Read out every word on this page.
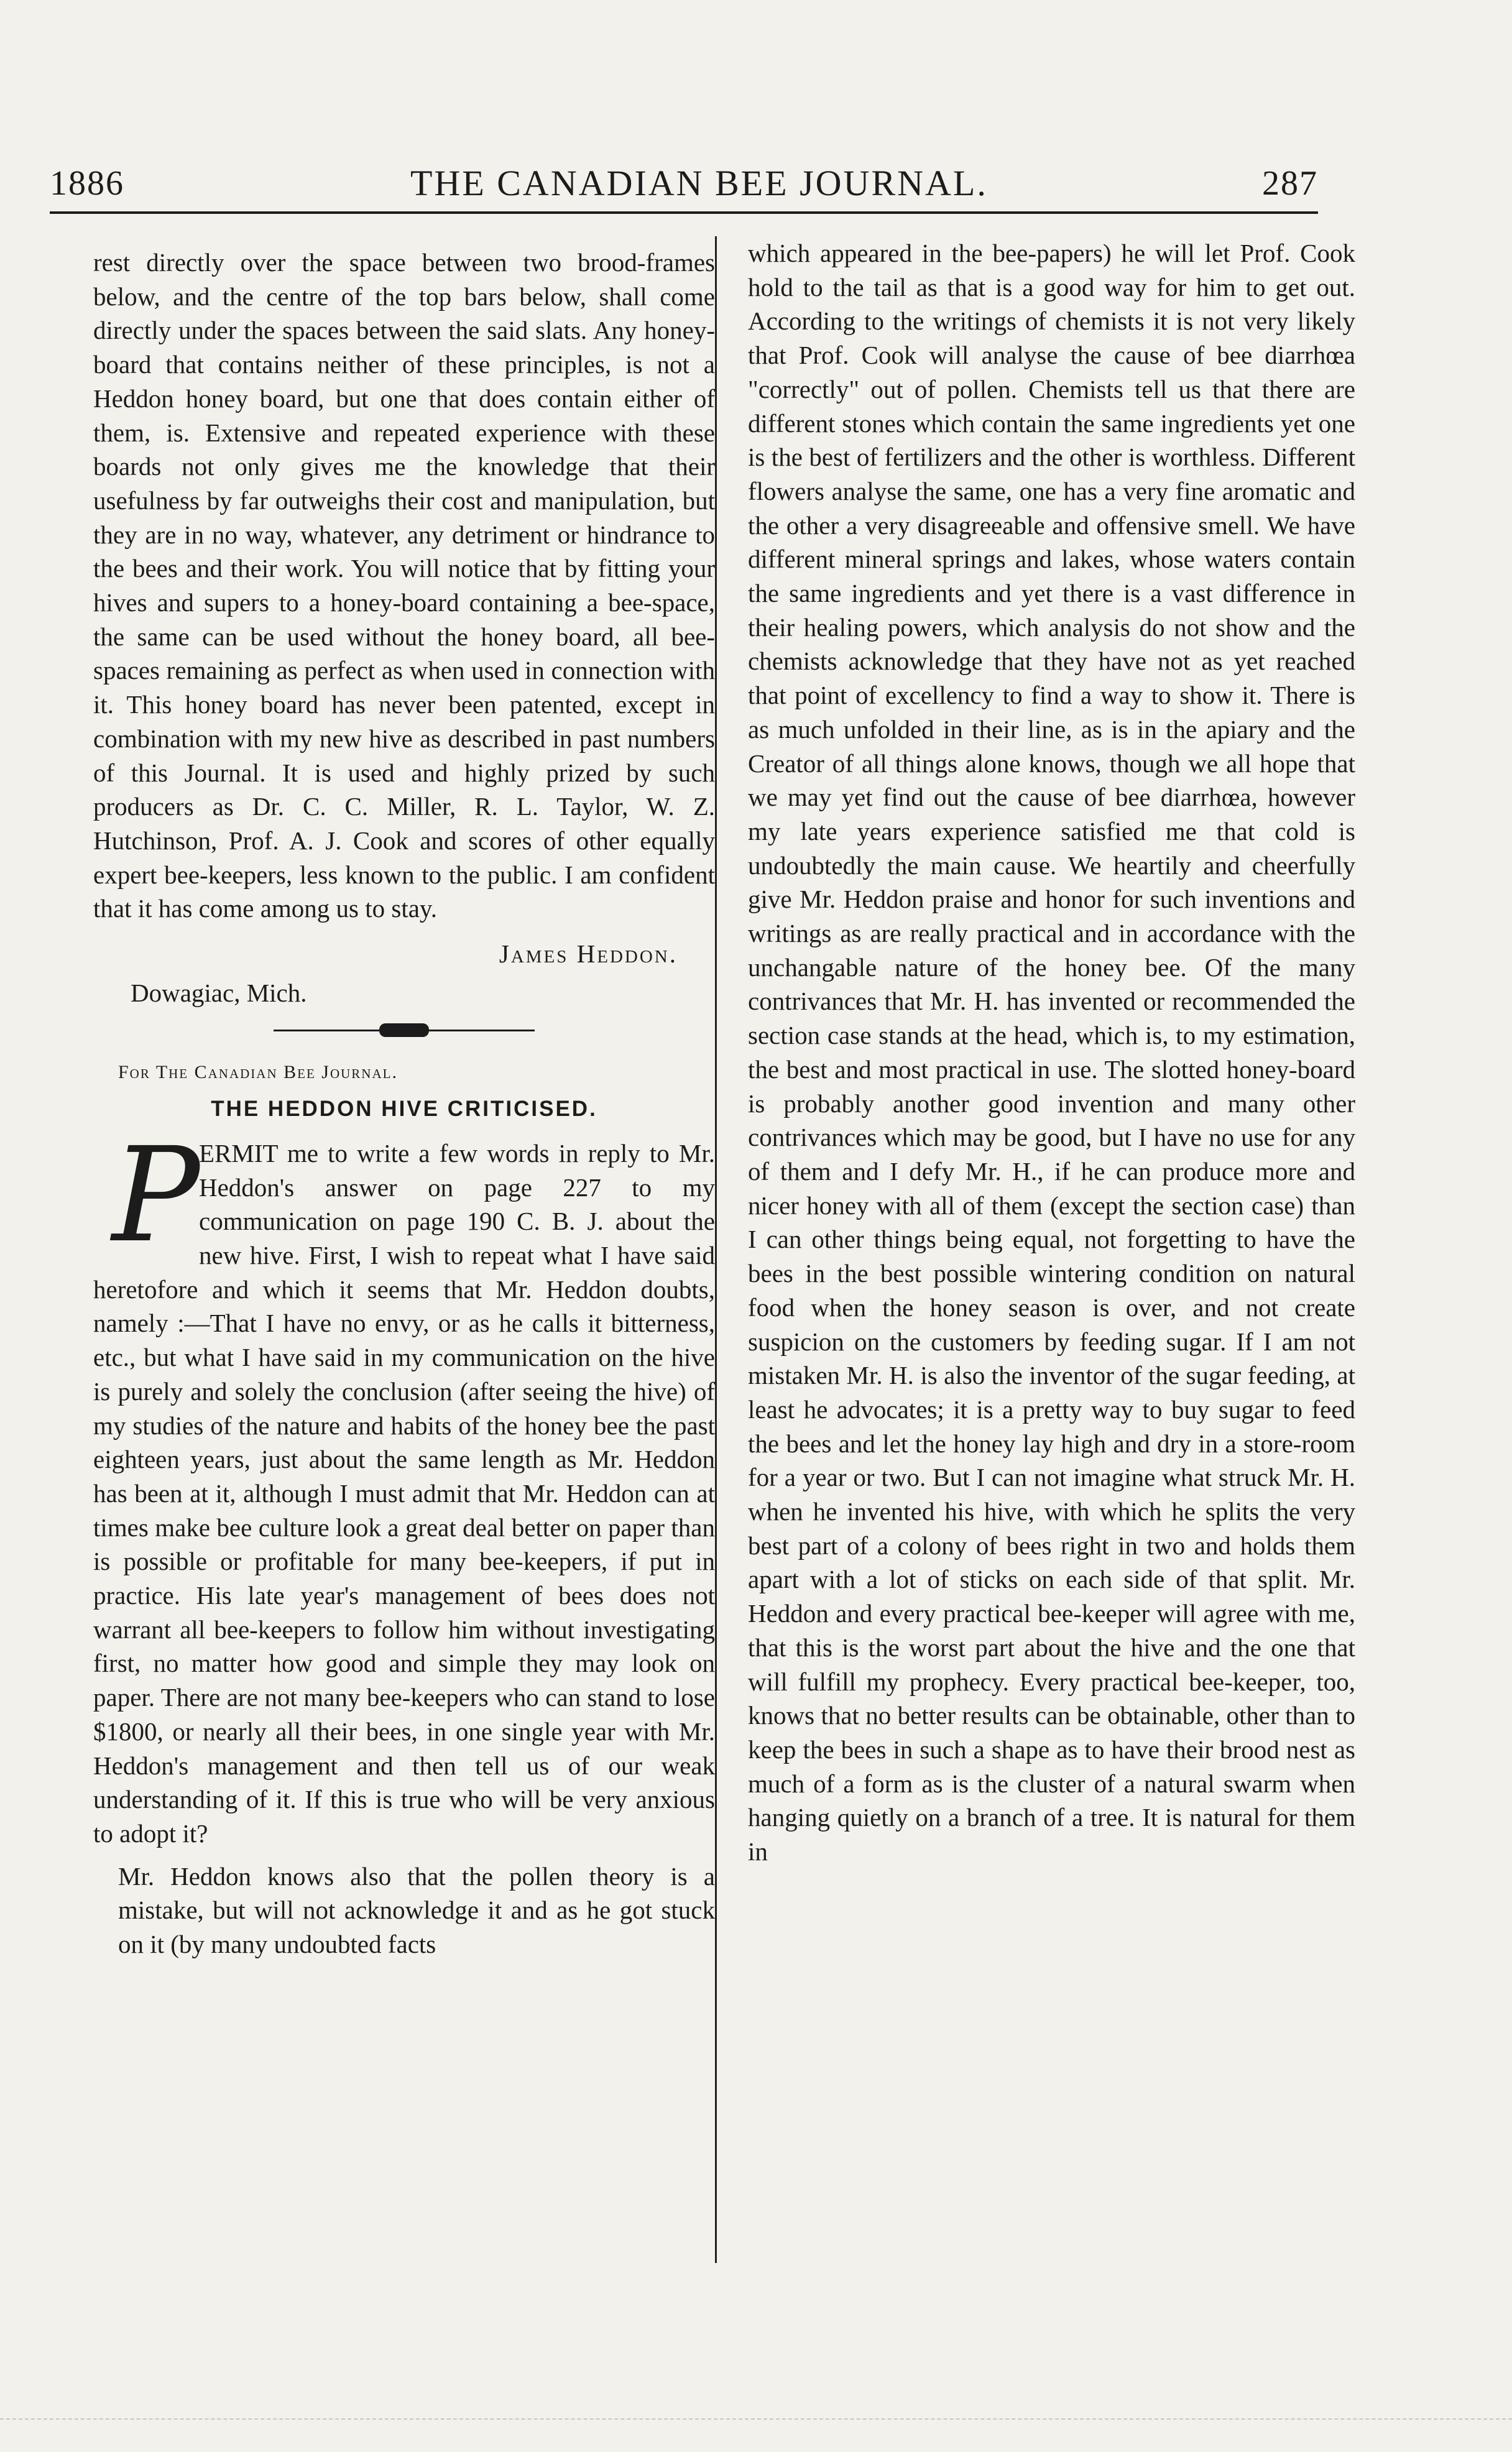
1886	THE CANADIAN BEE JOURNAL.	287

rest directly over the space between two brood-frames below, and the centre of the top bars below, shall come directly under the spaces between the said slats. Any honey-board that contains neither of these principles, is not a Heddon honey board, but one that does contain either of them, is. Extensive and repeated experience with these boards not only gives me the knowledge that their usefulness by far outweighs their cost and manipulation, but they are in no way, whatever, any detriment or hindrance to the bees and their work. You will notice that by fitting your hives and supers to a honey-board containing a bee-space, the same can be used without the honey board, all bee-spaces remaining as perfect as when used in connection with it. This honey board has never been patented, except in combination with my new hive as described in past numbers of this Journal. It is used and highly prized by such producers as Dr. C. C. Miller, R. L. Taylor, W. Z. Hutchinson, Prof. A. J. Cook and scores of other equally expert bee-keepers, less known to the public. I am confident that it has come among us to stay.

James Heddon.

Dowagiac, Mich.

For The Canadian Bee Journal.

THE HEDDON HIVE CRITICISED.

P
ERMIT me to write a few words in reply to Mr. Heddon's answer on page 227 to my communication on page 190 C. B. J. about the new hive. First, I wish to repeat what I have said heretofore and which it seems that Mr. Heddon doubts, namely :—That I have no envy, or as he calls it bitterness, etc., but what I have said in my communication on the hive is purely and solely the conclusion (after seeing the hive) of my studies of the nature and habits of the honey bee the past eighteen years, just about the same length as Mr. Heddon has been at it, although I must admit that Mr. Heddon can at times make bee culture look a great deal better on paper than is possible or profitable for many bee-keepers, if put in practice. His late year's management of bees does not warrant all bee-keepers to follow him without investigating first, no matter how good and simple they may look on paper. There are not many bee-keepers who can stand to lose $1800, or nearly all their bees, in one single year with Mr. Heddon's management and then tell us of our weak understanding of it. If this is true who will be very anxious to adopt it?

Mr. Heddon knows also that the pollen theory is a mistake, but will not acknowledge it and as he got stuck on it (by many undoubted facts

which appeared in the bee-papers) he will let Prof. Cook hold to the tail as that is a good way for him to get out. According to the writings of chemists it is not very likely that Prof. Cook will analyse the cause of bee diarrhœa "correctly" out of pollen. Chemists tell us that there are different stones which contain the same ingredients yet one is the best of fertilizers and the other is worthless. Different flowers analyse the same, one has a very fine aromatic and the other a very disagreeable and offensive smell. We have different mineral springs and lakes, whose waters contain the same ingredients and yet there is a vast difference in their healing powers, which analysis do not show and the chemists acknowledge that they have not as yet reached that point of excellency to find a way to show it. There is as much unfolded in their line, as is in the apiary and the Creator of all things alone knows, though we all hope that we may yet find out the cause of bee diarrhœa, however my late years experience satisfied me that cold is undoubtedly the main cause. We heartily and cheerfully give Mr. Heddon praise and honor for such inventions and writings as are really practical and in accordance with the unchangable nature of the honey bee. Of the many contrivances that Mr. H. has invented or recommended the section case stands at the head, which is, to my estimation, the best and most practical in use. The slotted honey-board is probably another good invention and many other contrivances which may be good, but I have no use for any of them and I defy Mr. H., if he can produce more and nicer honey with all of them (except the section case) than I can other things being equal, not forgetting to have the bees in the best possible wintering condition on natural food when the honey season is over, and not create suspicion on the customers by feeding sugar. If I am not mistaken Mr. H. is also the inventor of the sugar feeding, at least he advocates; it is a pretty way to buy sugar to feed the bees and let the honey lay high and dry in a store-room for a year or two. But I can not imagine what struck Mr. H. when he invented his hive, with which he splits the very best part of a colony of bees right in two and holds them apart with a lot of sticks on each side of that split. Mr. Heddon and every practical bee-keeper will agree with me, that this is the worst part about the hive and the one that will fulfill my prophecy. Every practical bee-keeper, too, knows that no better results can be obtainable, other than to keep the bees in such a shape as to have their brood nest as much of a form as is the cluster of a natural swarm when hanging quietly on a branch of a tree. It is natural for them in
